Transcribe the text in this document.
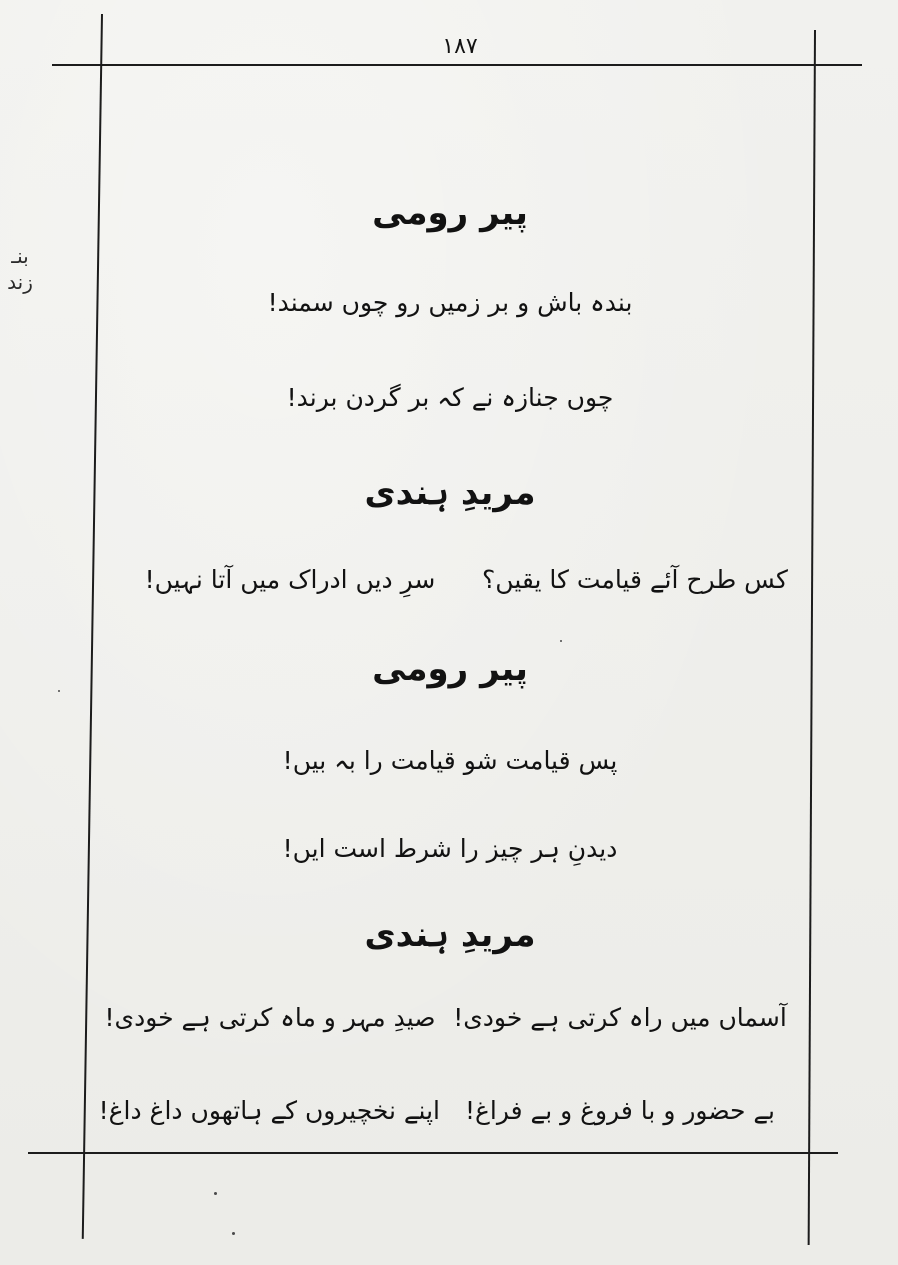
۱۸۷
بنـ
زند
پیر رومی
بندہ باش و بر زمیں رو چوں سمند!
چوں جنازہ نے کہ بر گردن برند!
مریدِ ہندی
سرِ دیں ادراک میں آتا نہیں!	کس طرح آئے قیامت کا یقیں؟
پیر رومی
پس قیامت شو قیامت را بہ بیں!
دیدنِ ہر چیز را شرط است ایں!
مریدِ ہندی
آسماں میں راہ کرتی ہے خودی!
صیدِ مہر و ماہ کرتی ہے خودی!
بے حضور و با فروغ و بے فراغ!
اپنے نخچیروں کے ہاتھوں داغ داغ!
